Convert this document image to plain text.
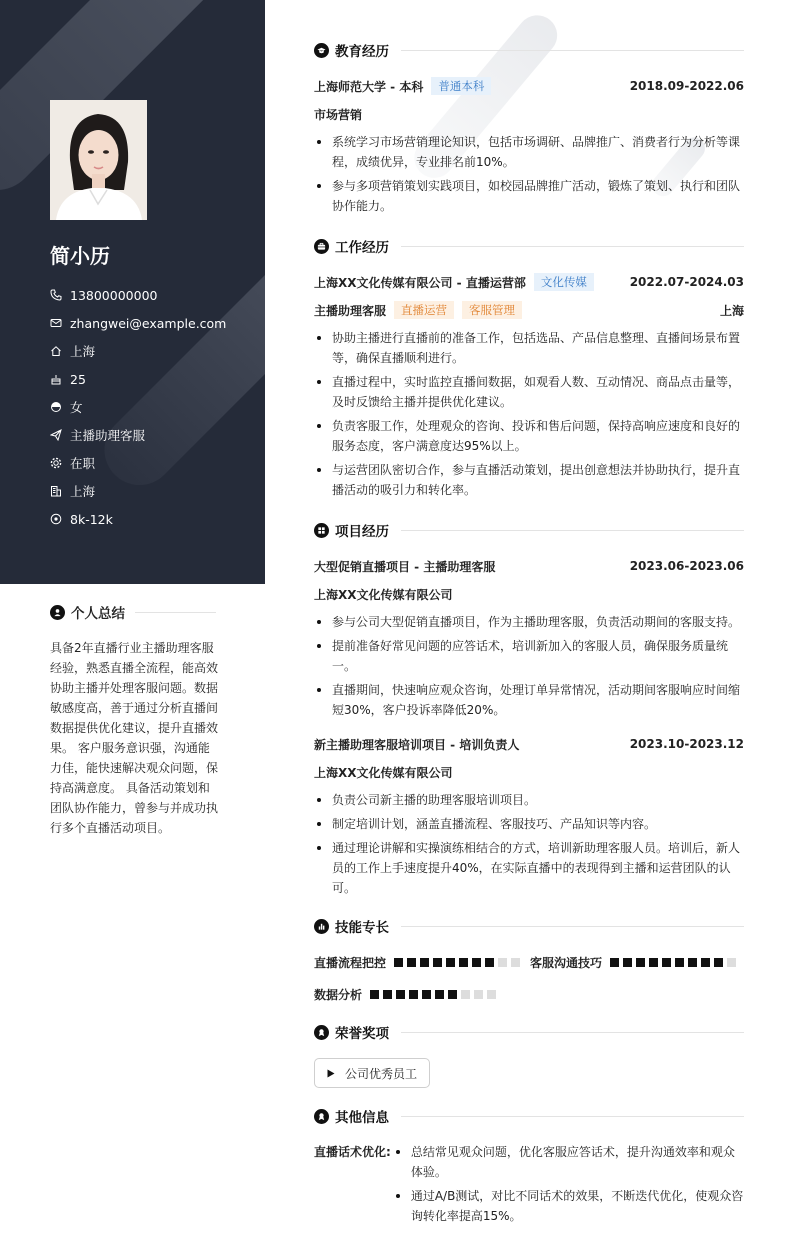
简小历
13800000000
zhangwei@example.com
上海
25
女
主播助理客服
在职
上海
8k-12k
个人总结
具备2年直播行业主播助理客服经验，熟悉直播全流程，能高效协助主播并处理客服问题。数据敏感度高，善于通过分析直播间数据提供优化建议，提升直播效果。 客户服务意识强，沟通能力佳，能快速解决观众问题，保持高满意度。 具备活动策划和团队协作能力，曾参与并成功执行多个直播活动项目。
教育经历
上海师范大学 - 本科	普通本科	2018.09-2022.06
市场营销
系统学习市场营销理论知识，包括市场调研、品牌推广、消费者行为分析等课程，成绩优异，专业排名前10%。
参与多项营销策划实践项目，如校园品牌推广活动，锻炼了策划、执行和团队协作能力。
工作经历
上海XX文化传媒有限公司 - 直播运营部	文化传媒	2022.07-2024.03
主播助理客服	直播运营	客服管理	上海
协助主播进行直播前的准备工作，包括选品、产品信息整理、直播间场景布置等，确保直播顺利进行。
直播过程中，实时监控直播间数据，如观看人数、互动情况、商品点击量等，及时反馈给主播并提供优化建议。
负责客服工作，处理观众的咨询、投诉和售后问题，保持高响应速度和良好的服务态度，客户满意度达95%以上。
与运营团队密切合作，参与直播活动策划，提出创意想法并协助执行，提升直播活动的吸引力和转化率。
项目经历
大型促销直播项目 - 主播助理客服	2023.06-2023.06
上海XX文化传媒有限公司
参与公司大型促销直播项目，作为主播助理客服，负责活动期间的客服支持。
提前准备好常见问题的应答话术，培训新加入的客服人员，确保服务质量统一。
直播期间，快速响应观众咨询，处理订单异常情况，活动期间客服响应时间缩短30%，客户投诉率降低20%。
新主播助理客服培训项目 - 培训负责人	2023.10-2023.12
上海XX文化传媒有限公司
负责公司新主播的助理客服培训项目。
制定培训计划，涵盖直播流程、客服技巧、产品知识等内容。
通过理论讲解和实操演练相结合的方式，培训新助理客服人员。培训后，新人员的工作上手速度提升40%，在实际直播中的表现得到主播和运营团队的认可。
技能专长
直播流程把控	客服沟通技巧
数据分析
荣誉奖项
公司优秀员工
其他信息
直播话术优化:	总结常见观众问题，优化客服应答话术，提升沟通效率和观众体验。
通过A/B测试，对比不同话术的效果，不断迭代优化，使观众咨询转化率提高15%。
